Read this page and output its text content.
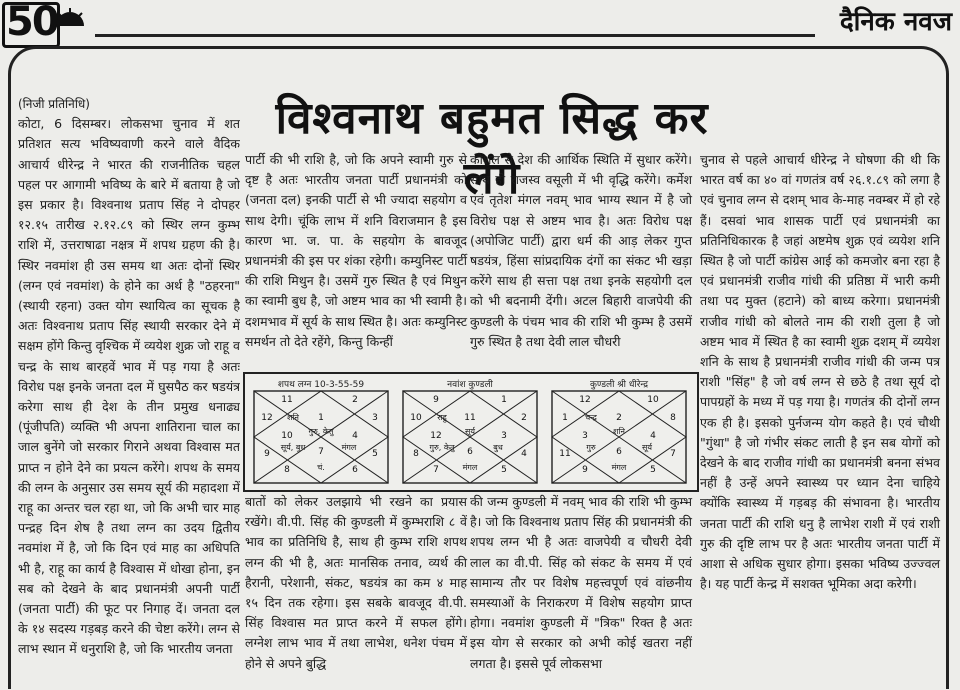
50	दैनिक नवज
विश्वनाथ बहुमत सिद्ध कर लेंगे

(निजी प्रतिनिधि)

कोटा, 6 दिसम्बर। लोकसभा चुनाव में शत प्रतिशत सत्य भविष्यवाणी करने वाले वैदिक आचार्य धीरेन्द्र ने भारत की राजनीतिक चहल पहल पर आगामी भविष्य के बारे में बताया है जो इस प्रकार है। विश्वनाथ प्रताप सिंह ने दोपहर १२.१५ तारीख २.१२.८९ को स्थिर लग्न कुम्भ राशि में, उत्तराषाढा नक्षत्र में शपथ ग्रहण की है। स्थिर नवमांश ही उस समय था अतः दोनों स्थिर (लग्न एवं नवमांश) के होने का अर्थ है "ठहरना" (स्थायी रहना) उक्त योग स्थायित्व का सूचक है अतः विश्वनाथ प्रताप सिंह स्थायी सरकार देने में सक्षम होंगे किन्तु वृश्चिक में व्ययेश शुक्र जो राहू व चन्द्र के साथ बारहवें भाव में पड़ गया है अतः विरोध पक्ष इनके जनता दल में घुसपैठ कर षडयंत्र करेगा साथ ही देश के तीन प्रमुख धनाढ्य (पूंजीपति) व्यक्ति भी अपना शातिराना चाल का जाल बुनेंगे जो सरकार गिराने अथवा विश्वास मत प्राप्त न होने देने का प्रयत्न करेंगे। शपथ के समय की लग्न के अनुसार उस समय सूर्य की महादशा में राहू का अन्तर चल रहा था, जो कि अभी चार माह पन्द्रह दिन शेष है तथा लग्न का उदय द्वितीय नवमांश में है, जो कि दिन एवं माह का अधिपति भी है, राहू का कार्य है विश्वास में धोखा होना, इन सब को देखने के बाद प्रधानमंत्री अपनी पार्टी (जनता पार्टी) की फूट पर निगाह दें। जनता दल के १४ सदस्य गड़बड़ करने की चेष्टा करेंगे। लग्न से लाभ स्थान में धनुराशि है, जो कि भारतीय जनता

पार्टी की भी राशि है, जो कि अपने स्वामी गुरु से दृष्ट है अतः भारतीय जनता पार्टी प्रधानमंत्री को (जनता दल) इनकी पार्टी से भी ज्यादा सहयोग व साथ देगी। चूंकि लाभ में शनि विराजमान है इस कारण भा. ज. पा. के सहयोग के बावजूद प्रधानमंत्री की इस पर शंका रहेगी। कम्युनिस्ट पार्टी की राशि मिथुन है। उसमें गुरु स्थित है एवं मिथुन का स्वामी बुध है, जो अष्टम भाव का भी स्वामी है। दशमभाव में सूर्य के साथ स्थित है। अतः कम्युनिस्ट समर्थन तो देते रहेंगे, किन्तु किन्हीं

कौशल से देश की आर्थिक स्थिति में सुधार करेंगे। साथ ही राजस्व वसूली में भी वृद्धि करेंगे। कर्मेश एवं तृतेश मंगल नवम् भाव भाग्य स्थान में है जो विरोध पक्ष से अष्टम भाव है। अतः विरोध पक्ष (अपोजिट पार्टी) द्वारा धर्म की आड़ लेकर गुप्त षडयंत्र, हिंसा सांप्रदायिक दंगों का संकट भी खड़ा करेंगे साथ ही सत्ता पक्ष तथा इनके सहयोगी दल को भी बदनामी देंगी। अटल बिहारी वाजपेयी की कुण्डली के पंचम भाव की राशि भी कुम्भ है उसमें गुरु स्थित है तथा देवी लाल चौधरी

चुनाव से पहले आचार्य धीरेन्द्र ने घोषणा की थी कि भारत वर्ष का ४० वां गणतंत्र वर्ष २६.१.८९ को लगा है एवं चुनाव लग्न से दशम् भाव के-माह नवम्बर में हो रहे हैं। दसवां भाव शासक पार्टी एवं प्रधानमंत्री का प्रतिनिधिकारक है जहां अष्टमेष शुक्र एवं व्ययेश शनि स्थित है जो पार्टी कांग्रेस आई को कमजोर बना रहा है एवं प्रधानमंत्री राजीव गांधी की प्रतिष्ठा में भारी कमी तथा पद मुक्त (हटाने) को बाध्य करेगा। प्रधानमंत्री राजीव गांधी को बोलते नाम की राशी तुला है जो अष्टम भाव में स्थित है का स्वामी शुक्र दशम् में व्ययेश शनि के साथ है प्रधानमंत्री राजीव गांधी की जन्म पत्र राशी "सिंह" है जो वर्ष लग्न से छठे है तथा सूर्य दो पापग्रहों के मध्य में पड़ गया है। गणतंत्र की दोनों लग्न एक ही है। इसको पुर्नजन्म योग कहते है। एवं चौथी "गुंथा" है जो गंभीर संकट लाती है इन सब योगों को देखने के बाद राजीव गांधी का प्रधानमंत्री बनना संभव नहीं है उन्हें अपने स्वास्थ्य पर ध्यान देना चाहिये क्योंकि स्वास्थ्य में गड़बड़ की संभावना है। भारतीय जनता पार्टी की राशि धनु है लाभेश राशी में एवं राशी गुरु की दृष्टि लाभ पर है अतः भारतीय जनता पार्टी में आशा से अधिक सुधार होगा। इसका भविष्य उज्ज्वल है। यह पार्टी केन्द्र में सशक्त भूमिका अदा करेगी।

शपथ लग्न 10-3-55-59
1
11
12
10
9
8
7
6
5
4
3
2
गुरु, केतु
सूर्य, बुध	मंगल
चं.
शनि
नवांश कुण्डली
11
9
10
12
8
7
6
5
4
3
2
1
सूर्य
गुरु, केतु	बुध
मंगल
राहु
कुण्डली श्री धीरेन्द्र
2
12
1
3
11
9
6
5
7
4
8
10
शनि
गुरु	सूर्य
मंगल
चन्द्र

बातों को लेकर उलझाये भी रखने का प्रयास रखेंगे। वी.पी. सिंह की कुण्डली में कुम्भराशि ८ वें भाव का प्रतिनिधि है, साथ ही कुम्भ राशि शपथ लग्न की भी है, अतः मानसिक तनाव, व्यर्थ की हैरानी, परेशानी, संकट, षडयंत्र का कम ४ माह १५ दिन तक रहेगा। इस सबके बावजूद वी.पी. सिंह विश्वास मत प्राप्त करने में सफल होंगे। लग्नेश लाभ भाव में तथा लाभेश, धनेश पंचम में होने से अपने बुद्धि

की जन्म कुण्डली में नवम् भाव की राशि भी कुम्भ है। जो कि विश्वनाथ प्रताप सिंह की प्रधानमंत्री की शपथ लग्न भी है अतः वाजपेयी व चौधरी देवी लाल का वी.पी. सिंह को संकट के समय में एवं सामान्य तौर पर विशेष महत्त्वपूर्ण एवं वांछनीय समस्याओं के निराकरण में विशेष सहयोग प्राप्त होगा। नवमांश कुण्डली में "त्रिक" रिक्त है अतः इस योग से सरकार को अभी कोई खतरा नहीं लगता है। इससे पूर्व लोकसभा
